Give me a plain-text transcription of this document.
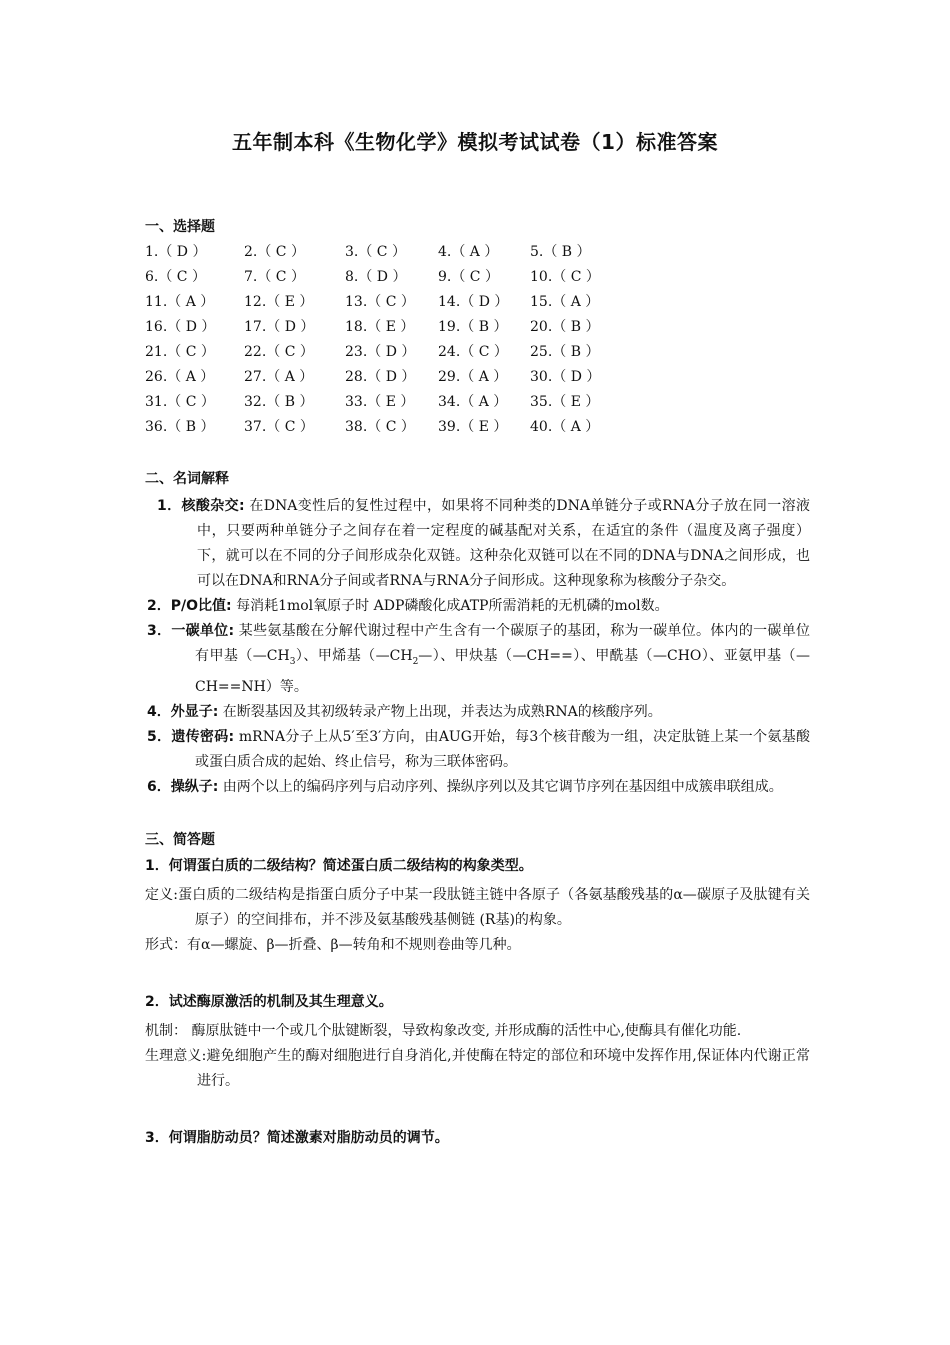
五年制本科《生物化学》模拟考试试卷（1）标准答案
一、选择题
1.（ D ）	2.（ C ）	3.（ C ）	4.（ A ）	5.（ B ）
6.（ C ）	7.（ C ）	8.（ D ）	9.（ C ）	10.（ C ）
11.（ A ）	12.（ E ）	13.（ C ）	14.（ D ）	15.（ A ）
16.（ D ）	17.（ D ）	18.（ E ）	19.（ B ）	20.（ B ）
21.（ C ）	22.（ C ）	23.（ D ）	24.（ C ）	25.（ B ）
26.（ A ）	27.（ A ）	28.（ D ）	29.（ A ）	30.（ D ）
31.（ C ）	32.（ B ）	33.（ E ）	34.（ A ）	35.（ E ）
36.（ B ）	37.（ C ）	38.（ C ）	39.（ E ）	40.（ A ）
二、名词解释
1．核酸杂交: 在DNA变性后的复性过程中，如果将不同种类的DNA单链分子或RNA分子放在同一溶液中，只要两种单链分子之间存在着一定程度的碱基配对关系，在适宜的条件（温度及离子强度）下，就可以在不同的分子间形成杂化双链。这种杂化双链可以在不同的DNA与DNA之间形成，也可以在DNA和RNA分子间或者RNA与RNA分子间形成。这种现象称为核酸分子杂交。
2．P/O比值: 每消耗1mol氧原子时 ADP磷酸化成ATP所需消耗的无机磷的mol数。
3．一碳单位: 某些氨基酸在分解代谢过程中产生含有一个碳原子的基团，称为一碳单位。体内的一碳单位有甲基$(—CH_3)$、甲烯基$(—CH_2—)$、甲炔基（—CH==）、甲酰基（—CHO）、亚氨甲基（—CH==NH）等。
4．外显子: 在断裂基因及其初级转录产物上出现，并表达为成熟RNA的核酸序列。
5．遗传密码: mRNA分子上从5′至3′方向，由AUG开始，每3个核苷酸为一组，决定肽链上某一个氨基酸或蛋白质合成的起始、终止信号，称为三联体密码。
6．操纵子: 由两个以上的编码序列与启动序列、操纵序列以及其它调节序列在基因组中成簇串联组成。
三、简答题
1．何谓蛋白质的二级结构？简述蛋白质二级结构的构象类型。
定义:蛋白质的二级结构是指蛋白质分子中某一段肽链主链中各原子（各氨基酸残基的α—碳原子及肽键有关原子）的空间排布，并不涉及氨基酸残基侧链 (R基)的构象。
形式：有α—螺旋、β—折叠、β—转角和不规则卷曲等几种。
2．试述酶原激活的机制及其生理意义。
机制： 酶原肽链中一个或几个肽键断裂，导致构象改变, 并形成酶的活性中心,使酶具有催化功能.
生理意义:避免细胞产生的酶对细胞进行自身消化,并使酶在特定的部位和环境中发挥作用,保证体内代谢正常进行。
3．何谓脂肪动员？简述激素对脂肪动员的调节。
